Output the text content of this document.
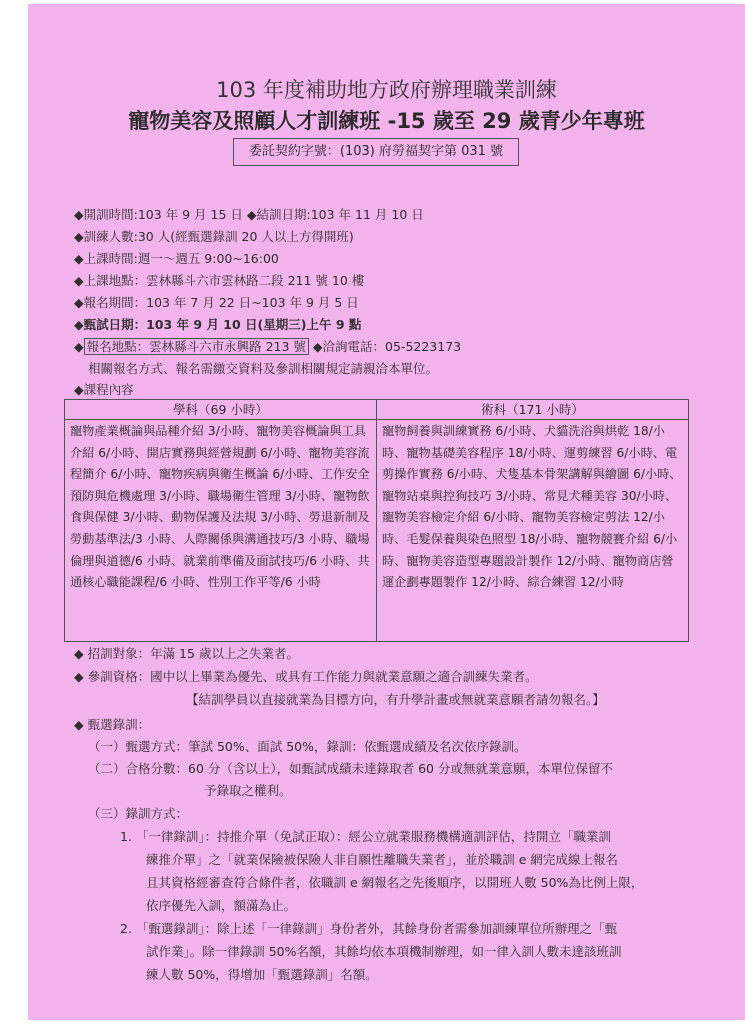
103 年度補助地方政府辦理職業訓練
寵物美容及照顧人才訓練班 -15 歲至 29 歲青少年專班
委託契約字號：(103) 府勞福契字第 031 號
◆開訓時間:103 年 9 月 15 日 ◆結訓日期:103 年 11 月 10 日
◆訓練人數:30 人(經甄選錄訓 20 人以上方得開班)
◆上課時間:週一～週五 9:00~16:00
◆上課地點：雲林縣斗六市雲林路二段 211 號 10 樓
◆報名期間：103 年 7 月 22 日~103 年 9 月 5 日
◆甄試日期：103 年 9 月 10 日(星期三)上午 9 點
◆ 報名地點：雲林縣斗六市永興路 213 號 ◆洽詢電話：05-5223173
相關報名方式、報名需繳交資料及參訓相關規定請親洽本單位。
◆課程內容
學科（69 小時）	術科（171 小時）
寵物產業概論與品種介紹 3/小時、寵物美容概論與工具介紹 6/小時、開店實務與經營規劃 6/小時、寵物美容流程簡介 6/小時、寵物疾病與衛生概論 6/小時、工作安全預防與危機處理 3/小時、職場衛生管理 3/小時、寵物飲食與保健 3/小時、動物保護及法規 3/小時、勞退新制及勞動基準法/3 小時、人際關係與溝通技巧/3 小時、職場倫理與道德/6 小時、就業前準備及面試技巧/6 小時、共通核心職能課程/6 小時、性別工作平等/6 小時
寵物飼養與訓練實務 6/小時、犬貓洗浴與烘乾 18/小時、寵物基礎美容程序 18/小時、運剪練習 6/小時、電剪操作實務 6/小時、犬隻基本骨架講解與繪圖 6/小時、寵物站桌與控狗技巧 3/小時、常見犬種美容 30/小時、寵物美容檢定介紹 6/小時、寵物美容檢定剪法 12/小時、毛髮保養與染色照型 18/小時、寵物競賽介紹 6/小時、寵物美容造型專題設計製作 12/小時、寵物商店營運企劃專題製作 12/小時、綜合練習 12/小時
◆ 招訓對象：年滿 15 歲以上之失業者。
◆ 參訓資格：國中以上畢業為優先、或具有工作能力與就業意願之適合訓練失業者。
【結訓學員以直接就業為目標方向，有升學計畫或無就業意願者請勿報名。】
◆ 甄選錄訓：
（一）甄選方式：筆試 50%、面試 50%，錄訓：依甄選成績及名次依序錄訓。
（二）合格分數：60 分（含以上），如甄試成績未達錄取者 60 分或無就業意願，本單位保留不
予錄取之權利。
（三）錄訓方式：
1. 「一律錄訓」：持推介單（免試正取）：經公立就業服務機構適訓評估，持開立「職業訓
練推介單」之「就業保險被保險人非自願性離職失業者」，並於職訓 e 網完成線上報名
且其資格經審查符合條件者，依職訓 e 網報名之先後順序，以開班人數 50%為比例上限，
依序優先入訓，額滿為止。
2. 「甄選錄訓」：除上述「一律錄訓」身份者外，其餘身份者需參加訓練單位所辦理之「甄
試作業」。除一律錄訓 50%名額，其餘均依本項機制辦理，如一律入訓人數未達該班訓
練人數 50%，得增加「甄選錄訓」名額。
